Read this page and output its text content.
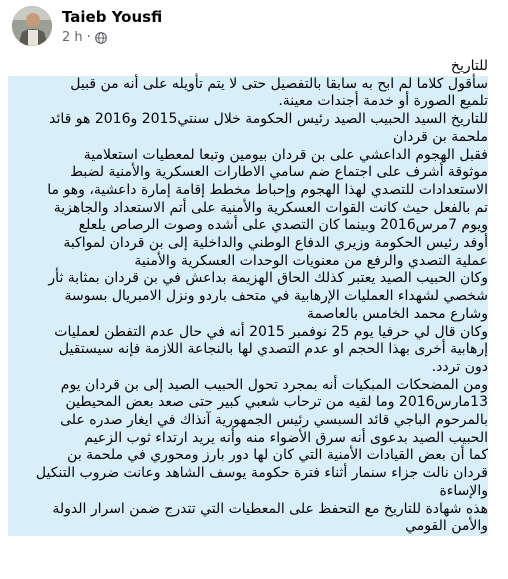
Taieb Yousfi
2 h ·

للتاريخ

سأقول كلاما لم ابح به سابقا بالتفصيل حتى لا يتم تأويله على أنه من قبيل

تلميع الصورة أو خدمة أجندات معينة.

للتاريخ السيد الحبيب الصيد رئيس الحكومة خلال سنتي2015 و2016 هو قائد

ملحمة بن قردان

فقبل الهجوم الداعشي على بن قردان بيومين وتبعا لمعطيات استعلامية

موثوقة أشرف على اجتماع ضم سامي الاطارات العسكرية والأمنية لضبط

الاستعدادات للتصدي لهذا الهجوم وإحباط مخطط إقامة إمارة داعشية، وهو ما

تم بالفعل حيث كانت القوات العسكرية والأمنية على أتم الاستعداد والجاهزية

ويوم 7مرس2016 وبينما كان التصدي على أشده وصوت الرصاص يلعلع

أوفد رئيس الحكومة وزيري الدفاع الوطني والداخلية إلى بن قردان لمواكبة

عملية التصدي والرفع من معنويات الوحدات العسكرية والأمنية

وكان الحبيب الصيد يعتبر كذلك الحاق الهزيمة بداعش في بن قردان بمثابة ثأر

شخصي لشهداء العمليات الإرهابية في متحف باردو ونزل الامبريال بسوسة

وشارع محمد الخامس بالعاصمة

وكان قال لي حرفيا يوم 25 نوفمبر 2015 أنه في حال عدم التفطن لعمليات

إرهابية أخرى بهذا الحجم او عدم التصدي لها بالنجاعة اللازمة فإنه سيستقيل

دون تردد.

ومن المضحكات المبكيات أنه بمجرد تحول الحبيب الصيد إلى بن قردان يوم

13مارس2016 وما لقيه من ترحاب شعبي كبير حتى صعد بعض المحيطين

بالمرحوم الباجي قائد السبسي رئيس الجمهورية آنذاك في ايغار صدره على

الحبيب الصيد بدعوى أنه سرق الأضواء منه وأنه يريد ارتداء ثوب الزعيم

كما أن بعض القيادات الأمنية التي كان لها دور بارز ومحوري في ملحمة بن

قردان نالت جزاء سنمار أثناء فترة حكومة يوسف الشاهد وعانت ضروب التنكيل

والإساءة

هذه شهادة للتاريخ مع التحفظ على المعطيات التي تتدرج ضمن اسرار الدولة

والأمن القومي
